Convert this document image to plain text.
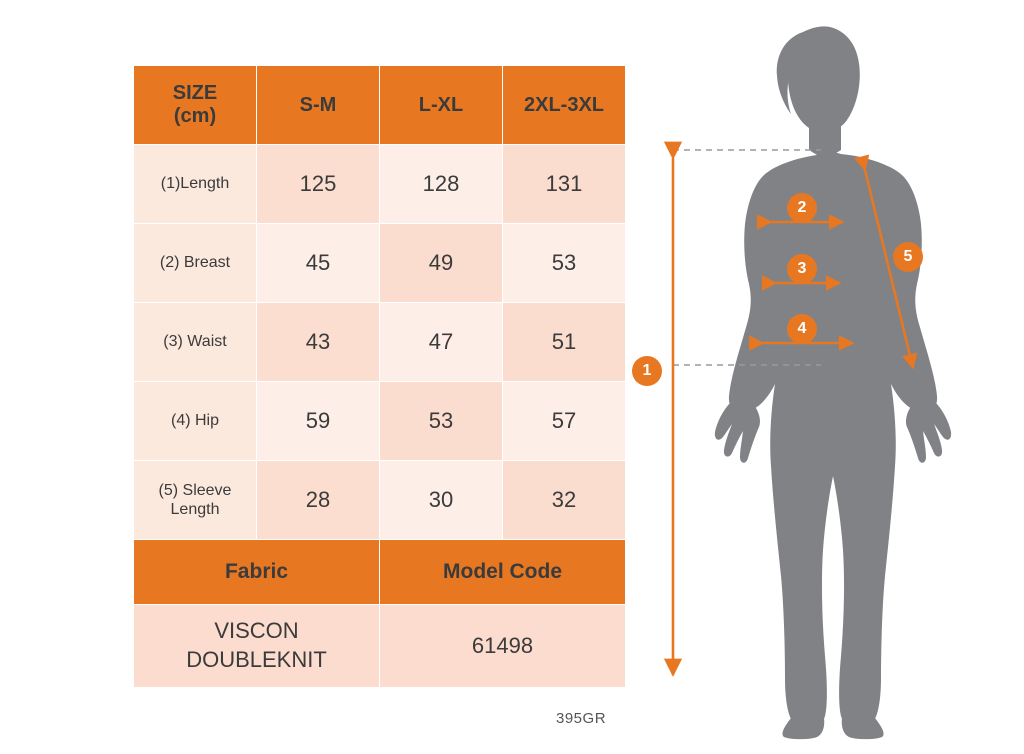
SIZE
(cm)	S-M	L-XL	2XL-3XL
(1)Length	125	128	131
(2) Breast	45	49	53
(3) Waist	43	47	51
(4) Hip	59	53	57

(5) Sleeve
Length	28	30	32
Fabric		Model Code	

VISCON
DOUBLEKNIT		61498	
395GR
1
2
3
4
5
